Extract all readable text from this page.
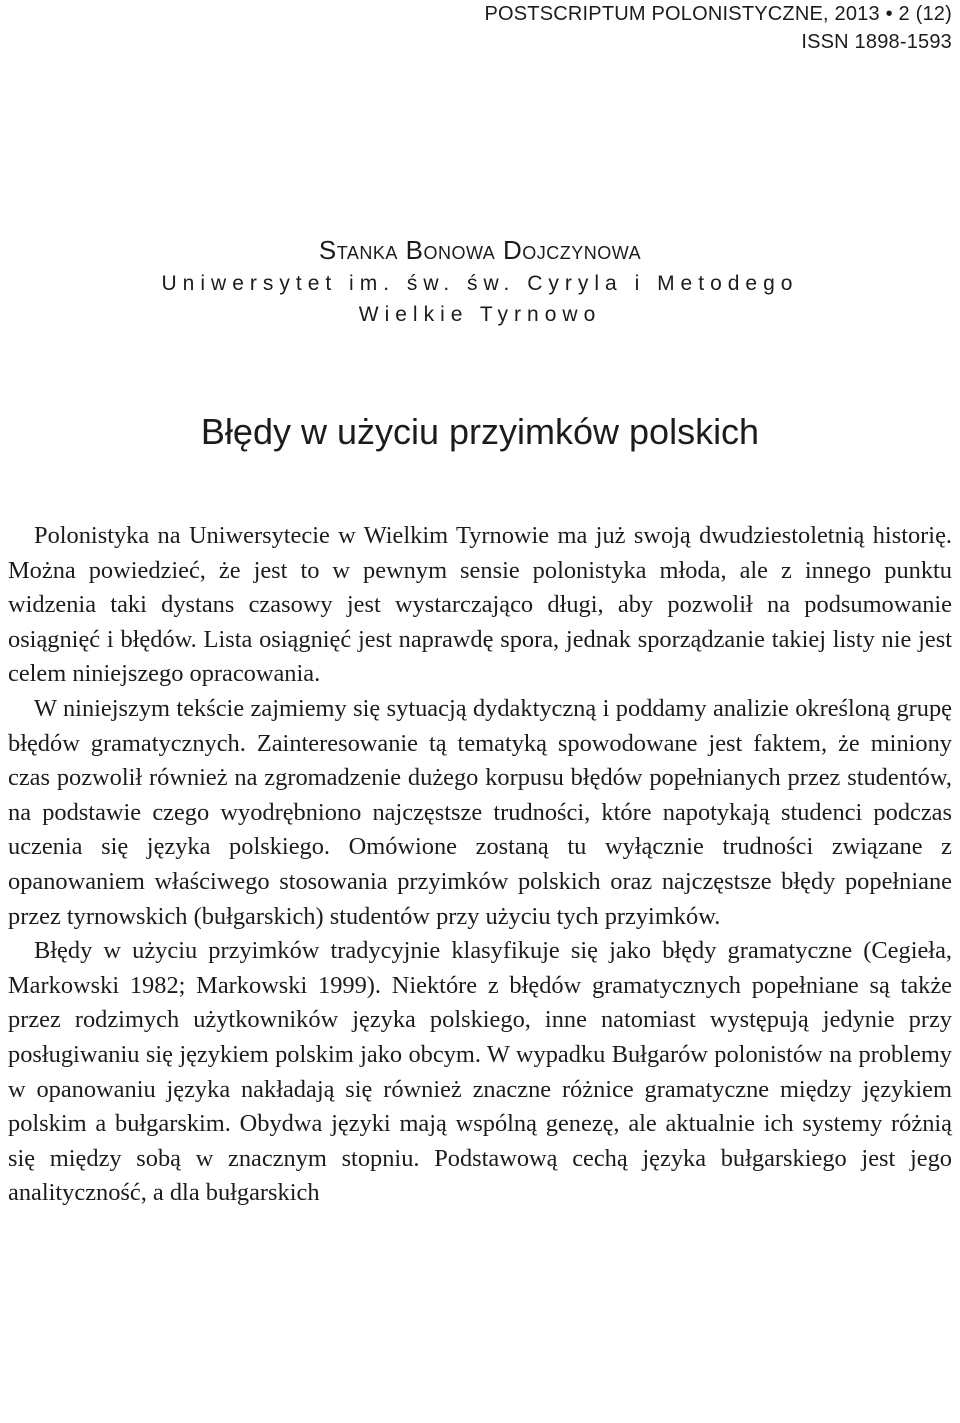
POSTSCRIPTUM POLONISTYCZNE, 2013 • 2 (12)
ISSN 1898-1593

Stanka Bonowa Dojczynowa

Uniwersytet im. św. św. Cyryla i Metodego

Wielkie Tyrnowo

Błędy w użyciu przyimków polskich

Polonistyka na Uniwersytecie w Wielkim Tyrnowie ma już swoją dwudziestoletnią historię. Można powiedzieć, że jest to w pewnym sensie polonistyka młoda, ale z innego punktu widzenia taki dystans czasowy jest wystarczająco długi, aby pozwolił na podsumowanie osiągnięć i błędów. Lista osiągnięć jest naprawdę spora, jednak sporządzanie takiej listy nie jest celem niniejszego opracowania.

W niniejszym tekście zajmiemy się sytuacją dydaktyczną i poddamy analizie określoną grupę błędów gramatycznych. Zainteresowanie tą tematyką spowodowane jest faktem, że miniony czas pozwolił również na zgromadzenie dużego korpusu błędów popełnianych przez studentów, na podstawie czego wyodrębniono najczęstsze trudności, które napotykają studenci podczas uczenia się języka polskiego. Omówione zostaną tu wyłącznie trudności związane z opanowaniem właściwego stosowania przyimków polskich oraz najczęstsze błędy popełniane przez tyrnowskich (bułgarskich) studentów przy użyciu tych przyimków.

Błędy w użyciu przyimków tradycyjnie klasyfikuje się jako błędy gramatyczne (Cegieła, Markowski 1982; Markowski 1999). Niektóre z błędów gramatycznych popełniane są także przez rodzimych użytkowników języka polskiego, inne natomiast występują jedynie przy posługiwaniu się językiem polskim jako obcym. W wypadku Bułgarów polonistów na problemy w opanowaniu języka nakładają się również znaczne różnice gramatyczne między językiem polskim a bułgarskim. Obydwa języki mają wspólną genezę, ale aktualnie ich systemy różnią się między sobą w znacznym stopniu. Podstawową cechą języka bułgarskiego jest jego analityczność, a dla bułgarskich
